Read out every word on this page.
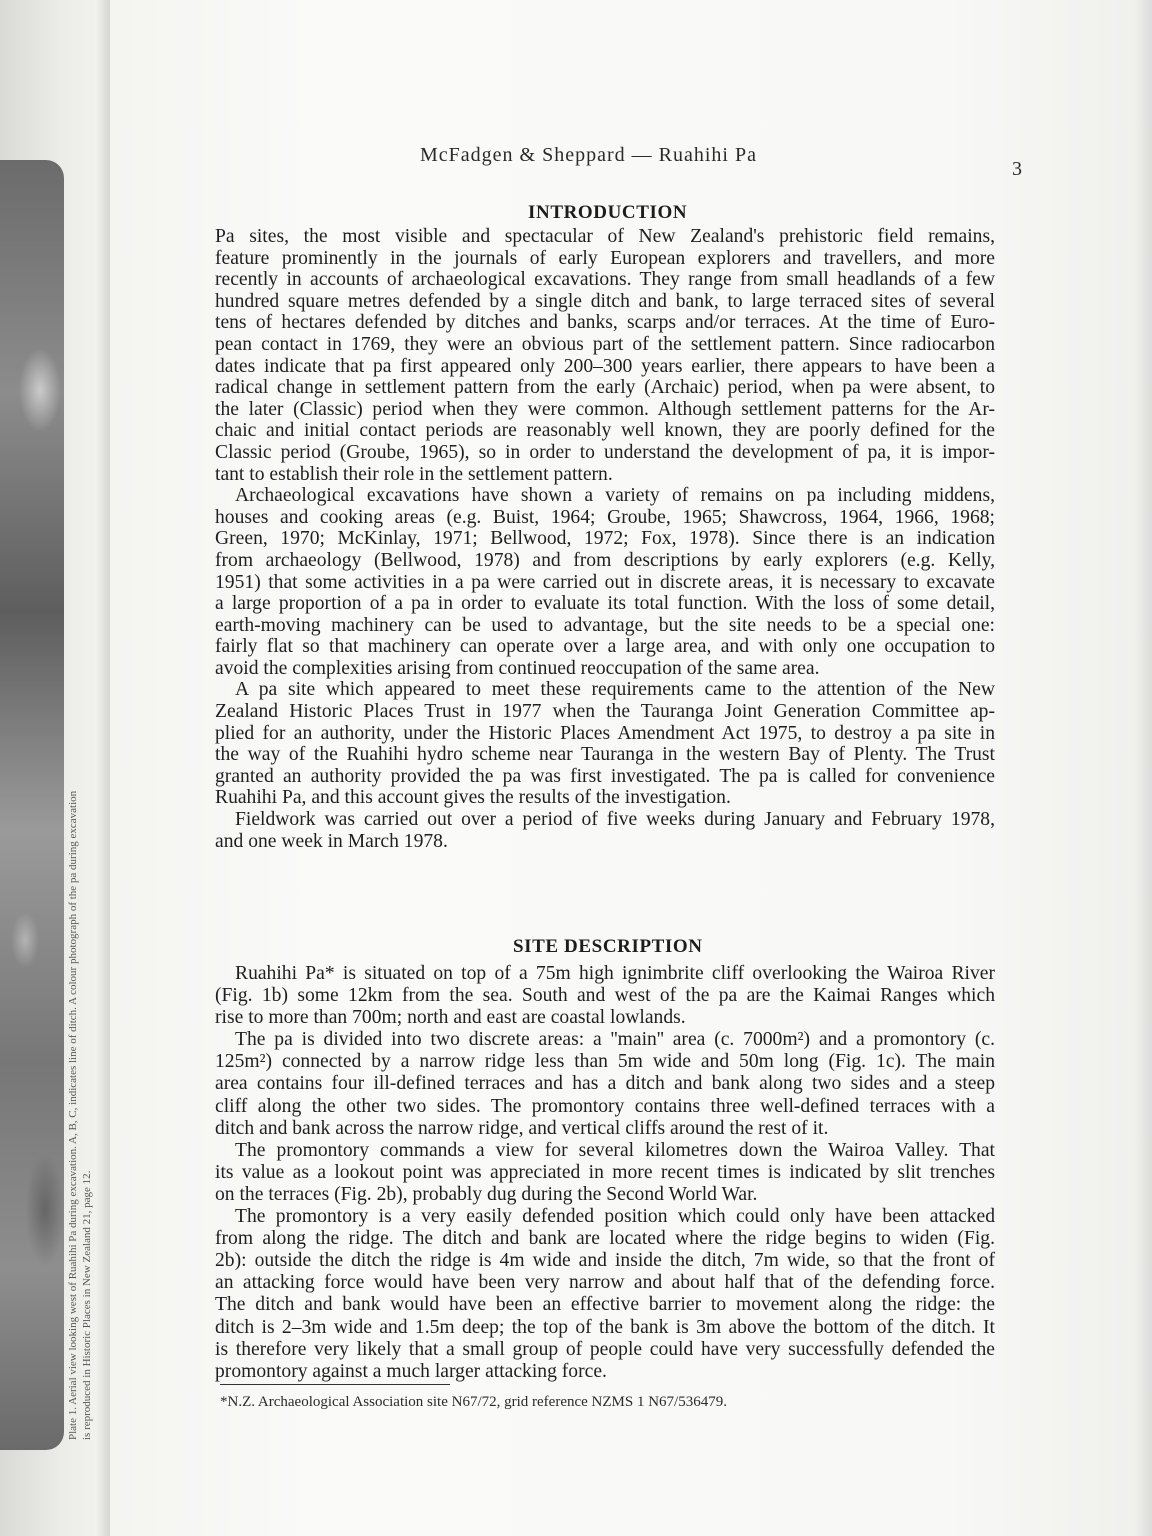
Plate 1. Aerial view looking west of Ruahihi Pa during excavation. A, B, C, indicates line of ditch. A colour photograph of the pa during excavation is reproduced in Historic Places in New Zealand 21, page 12.
McFadgen & Sheppard — Ruahihi Pa
3
INTRODUCTION
Pa sites, the most visible and spectacular of New Zealand's prehistoric field remains,
feature prominently in the journals of early European explorers and travellers, and more
recently in accounts of archaeological excavations. They range from small headlands of a few
hundred square metres defended by a single ditch and bank, to large terraced sites of several
tens of hectares defended by ditches and banks, scarps and/or terraces. At the time of Euro-
pean contact in 1769, they were an obvious part of the settlement pattern. Since radiocarbon
dates indicate that pa first appeared only 200–300 years earlier, there appears to have been a
radical change in settlement pattern from the early (Archaic) period, when pa were absent, to
the later (Classic) period when they were common. Although settlement patterns for the Ar-
chaic and initial contact periods are reasonably well known, they are poorly defined for the
Classic period (Groube, 1965), so in order to understand the development of pa, it is impor-
tant to establish their role in the settlement pattern.
Archaeological excavations have shown a variety of remains on pa including middens,
houses and cooking areas (e.g. Buist, 1964; Groube, 1965; Shawcross, 1964, 1966, 1968;
Green, 1970; McKinlay, 1971; Bellwood, 1972; Fox, 1978). Since there is an indication
from archaeology (Bellwood, 1978) and from descriptions by early explorers (e.g. Kelly,
1951) that some activities in a pa were carried out in discrete areas, it is necessary to excavate
a large proportion of a pa in order to evaluate its total function. With the loss of some detail,
earth-moving machinery can be used to advantage, but the site needs to be a special one:
fairly flat so that machinery can operate over a large area, and with only one occupation to
avoid the complexities arising from continued reoccupation of the same area.
A pa site which appeared to meet these requirements came to the attention of the New
Zealand Historic Places Trust in 1977 when the Tauranga Joint Generation Committee ap-
plied for an authority, under the Historic Places Amendment Act 1975, to destroy a pa site in
the way of the Ruahihi hydro scheme near Tauranga in the western Bay of Plenty. The Trust
granted an authority provided the pa was first investigated. The pa is called for convenience
Ruahihi Pa, and this account gives the results of the investigation.
Fieldwork was carried out over a period of five weeks during January and February 1978,
and one week in March 1978.
SITE DESCRIPTION
Ruahihi Pa* is situated on top of a 75m high ignimbrite cliff overlooking the Wairoa River
(Fig. 1b) some 12km from the sea. South and west of the pa are the Kaimai Ranges which
rise to more than 700m; north and east are coastal lowlands.
The pa is divided into two discrete areas: a ''main'' area (c. 7000m²) and a promontory (c.
125m²) connected by a narrow ridge less than 5m wide and 50m long (Fig. 1c). The main
area contains four ill-defined terraces and has a ditch and bank along two sides and a steep
cliff along the other two sides. The promontory contains three well-defined terraces with a
ditch and bank across the narrow ridge, and vertical cliffs around the rest of it.
The promontory commands a view for several kilometres down the Wairoa Valley. That
its value as a lookout point was appreciated in more recent times is indicated by slit trenches
on the terraces (Fig. 2b), probably dug during the Second World War.
The promontory is a very easily defended position which could only have been attacked
from along the ridge. The ditch and bank are located where the ridge begins to widen (Fig.
2b): outside the ditch the ridge is 4m wide and inside the ditch, 7m wide, so that the front of
an attacking force would have been very narrow and about half that of the defending force.
The ditch and bank would have been an effective barrier to movement along the ridge: the
ditch is 2–3m wide and 1.5m deep; the top of the bank is 3m above the bottom of the ditch. It
is therefore very likely that a small group of people could have very successfully defended the
promontory against a much larger attacking force.
*N.Z. Archaeological Association site N67/72, grid reference NZMS 1 N67/536479.
